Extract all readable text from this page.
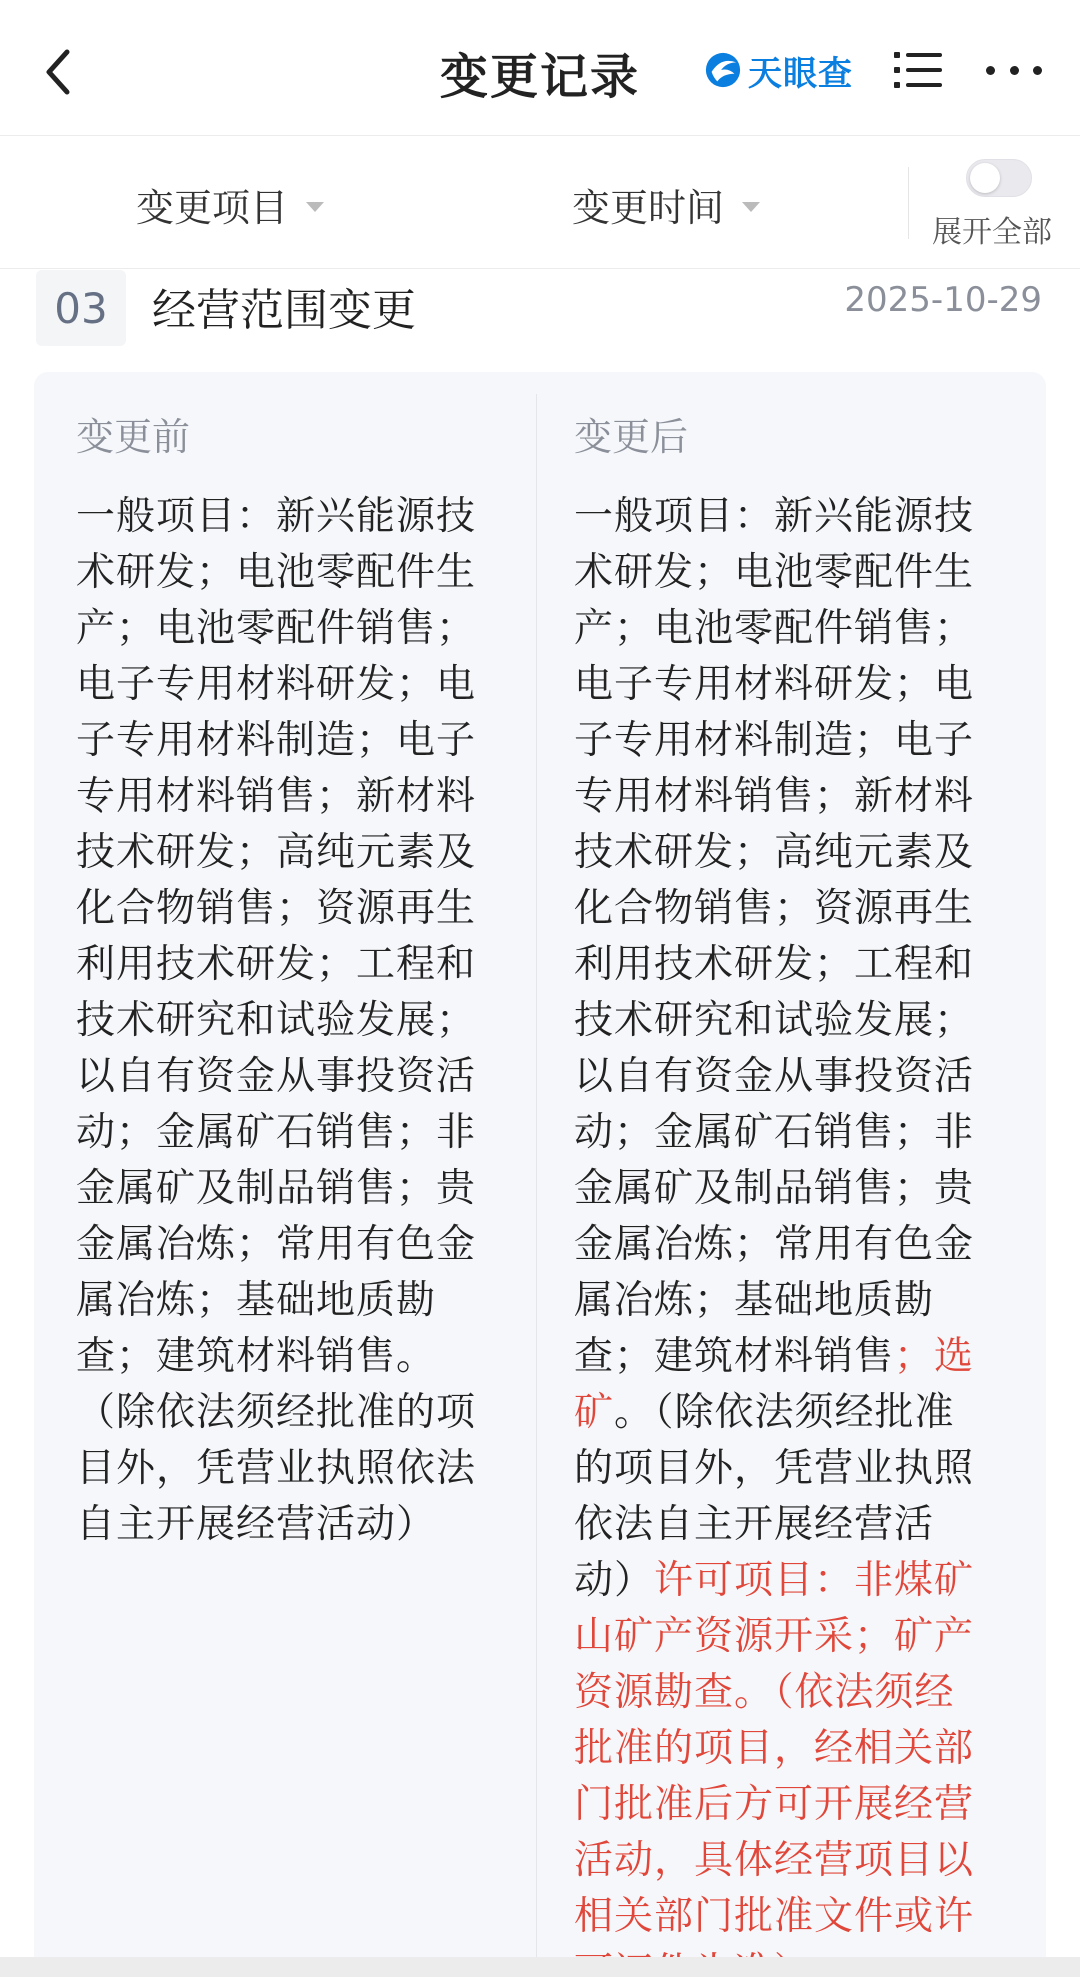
变更记录	天眼查
变更项目	变更时间
展开全部
03	经营范围变更	2025-10-29
变更前
一般项目：新兴能源技术研发；电池零配件生产；电池零配件销售；电子专用材料研发；电子专用材料制造；电子专用材料销售；新材料技术研发；高纯元素及化合物销售；资源再生利用技术研发；工程和技术研究和试验发展；以自有资金从事投资活动；金属矿石销售；非金属矿及制品销售；贵金属冶炼；常用有色金属冶炼；基础地质勘查；建筑材料销售。（除依法须经批准的项目外，凭营业执照依法自主开展经营活动）
变更后
一般项目：新兴能源技术研发；电池零配件生产；电池零配件销售；电子专用材料研发；电子专用材料制造；电子专用材料销售；新材料技术研发；高纯元素及化合物销售；资源再生利用技术研发；工程和技术研究和试验发展；以自有资金从事投资活动；金属矿石销售；非金属矿及制品销售；贵金属冶炼；常用有色金属冶炼；基础地质勘查；建筑材料销售；选矿。（除依法须经批准的项目外，凭营业执照依法自主开展经营活动）许可项目：非煤矿山矿产资源开采；矿产资源勘查。（依法须经批准的项目，经相关部门批准后方可开展经营活动，具体经营项目以相关部门批准文件或许
